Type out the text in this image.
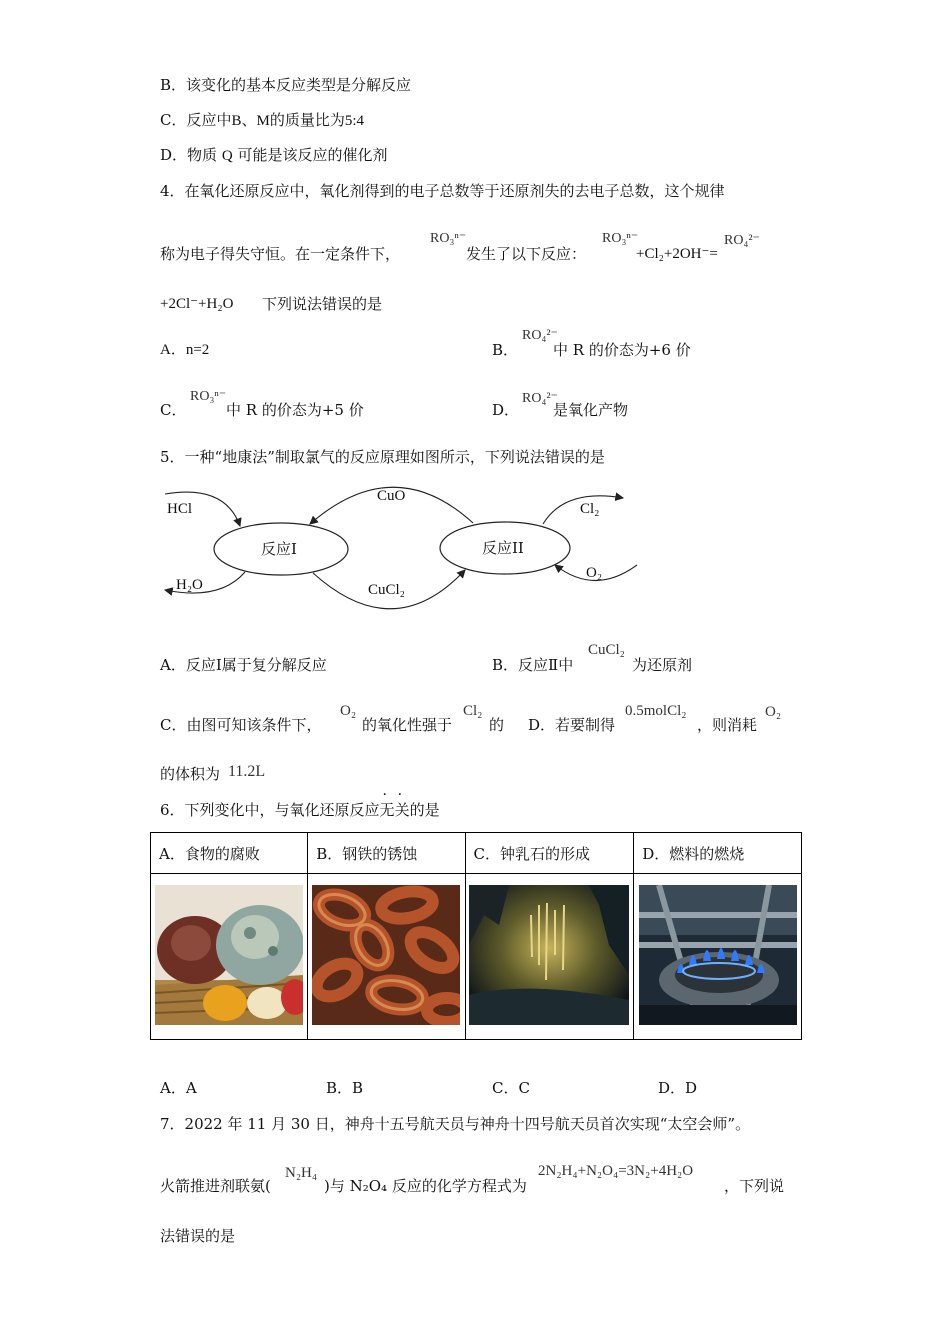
B．该变化的基本反应类型是分解反应
C．反应中B、M的质量比为5:4
D．物质 Q 可能是该反应的催化剂
4．在氧化还原反应中，氧化剂得到的电子总数等于还原剂失的去电子总数，这个规律
称为电子得失守恒。在一定条件下，
RO₃ⁿ⁻
发生了以下反应：
RO₃ⁿ⁻
+Cl₂+2OH⁻=
RO₄²⁻
+2Cl⁻+H₂O 下列说法错误的是
A．n=2	B．
RO₄²⁻
中 R 的价态为+6 价
C．
RO₃ⁿ⁻
中 R 的价态为+5 价	D．
RO₄²⁻
是氧化产物
5．一种“地康法”制取氯气的反应原理如图所示，下列说法错误的是
HCl
H₂O
CuO
CuCl₂
Cl₂
O₂
反应I	反应II
A．反应Ⅰ属于复分解反应	B．反应Ⅱ中
CuCl₂
为还原剂
C．由图可知该条件下，
O₂
的氧化性强于
Cl₂
的 D．若要制得
0.5molCl₂
，则消耗
O₂
的体积为 11.2L
6．下列变化中，与氧化还原反应无关的是
A．食物的腐败	B．钢铁的锈蚀	C．钟乳石的形成	D．燃料的燃烧

A．A	B．B	C．C	D．D
7．2022 年 11 月 30 日，神舟十五号航天员与神舟十四号航天员首次实现“太空会师”。
火箭推进剂联氨(
N₂H₄
)与 N₂O₄ 反应的化学方程式为
2N₂H₄+N₂O₄=3N₂+4H₂O
，下列说
法错误的是
